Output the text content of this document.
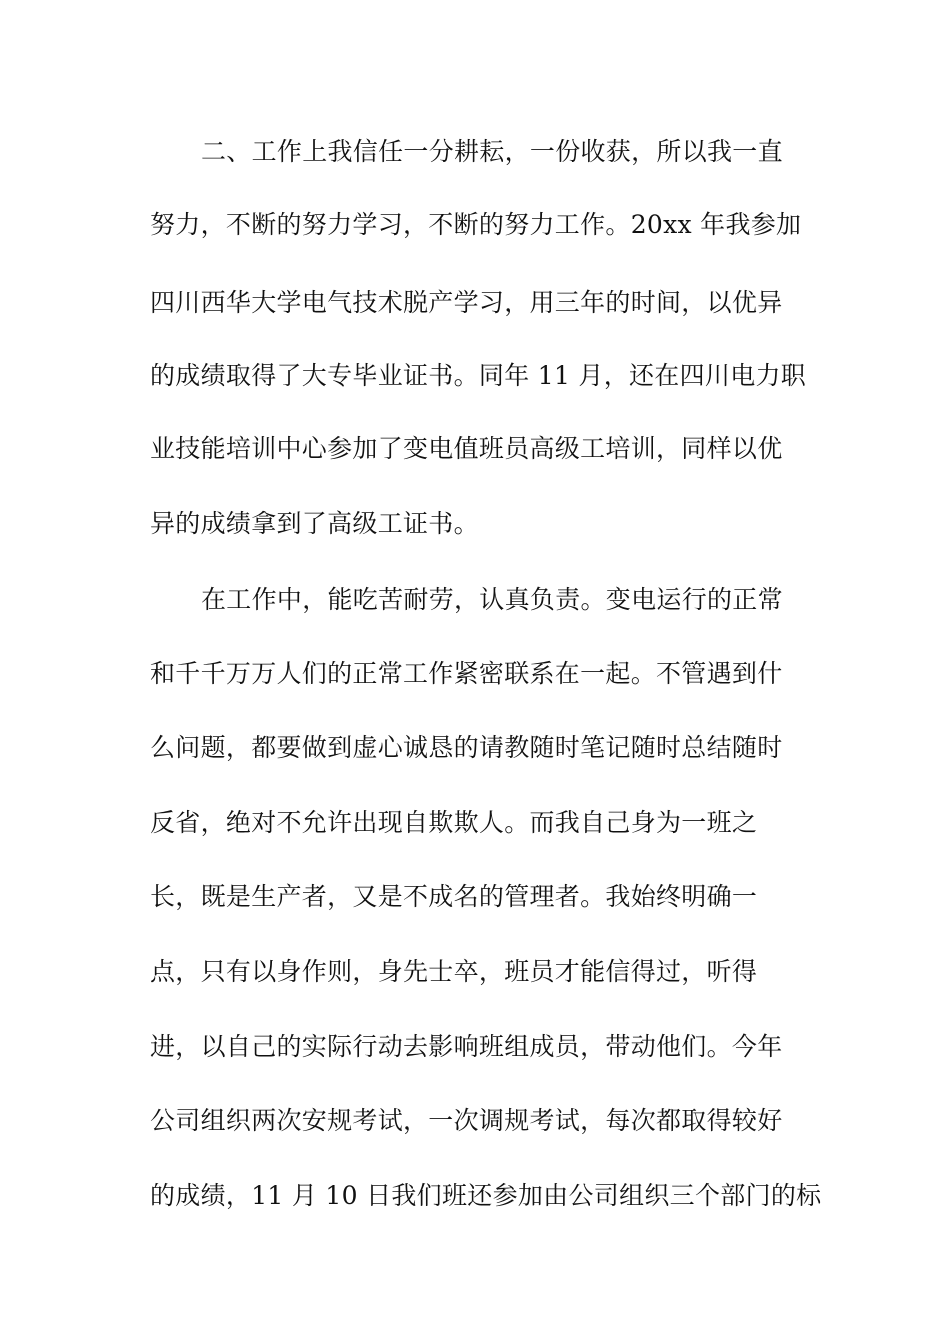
二、工作上我信任一分耕耘，一份收获，所以我一直
努力，不断的努力学习，不断的努力工作。20xx 年我参加
四川西华大学电气技术脱产学习，用三年的时间，以优异
的成绩取得了大专毕业证书。同年 11 月，还在四川电力职
业技能培训中心参加了变电值班员高级工培训，同样以优
异的成绩拿到了高级工证书。
在工作中，能吃苦耐劳，认真负责。变电运行的正常
和千千万万人们的正常工作紧密联系在一起。不管遇到什
么问题，都要做到虚心诚恳的请教随时笔记随时总结随时
反省，绝对不允许出现自欺欺人。而我自己身为一班之
长，既是生产者，又是不成名的管理者。我始终明确一
点，只有以身作则，身先士卒，班员才能信得过，听得
进，以自己的实际行动去影响班组成员，带动他们。今年
公司组织两次安规考试，一次调规考试，每次都取得较好
的成绩，11 月 10 日我们班还参加由公司组织三个部门的标
